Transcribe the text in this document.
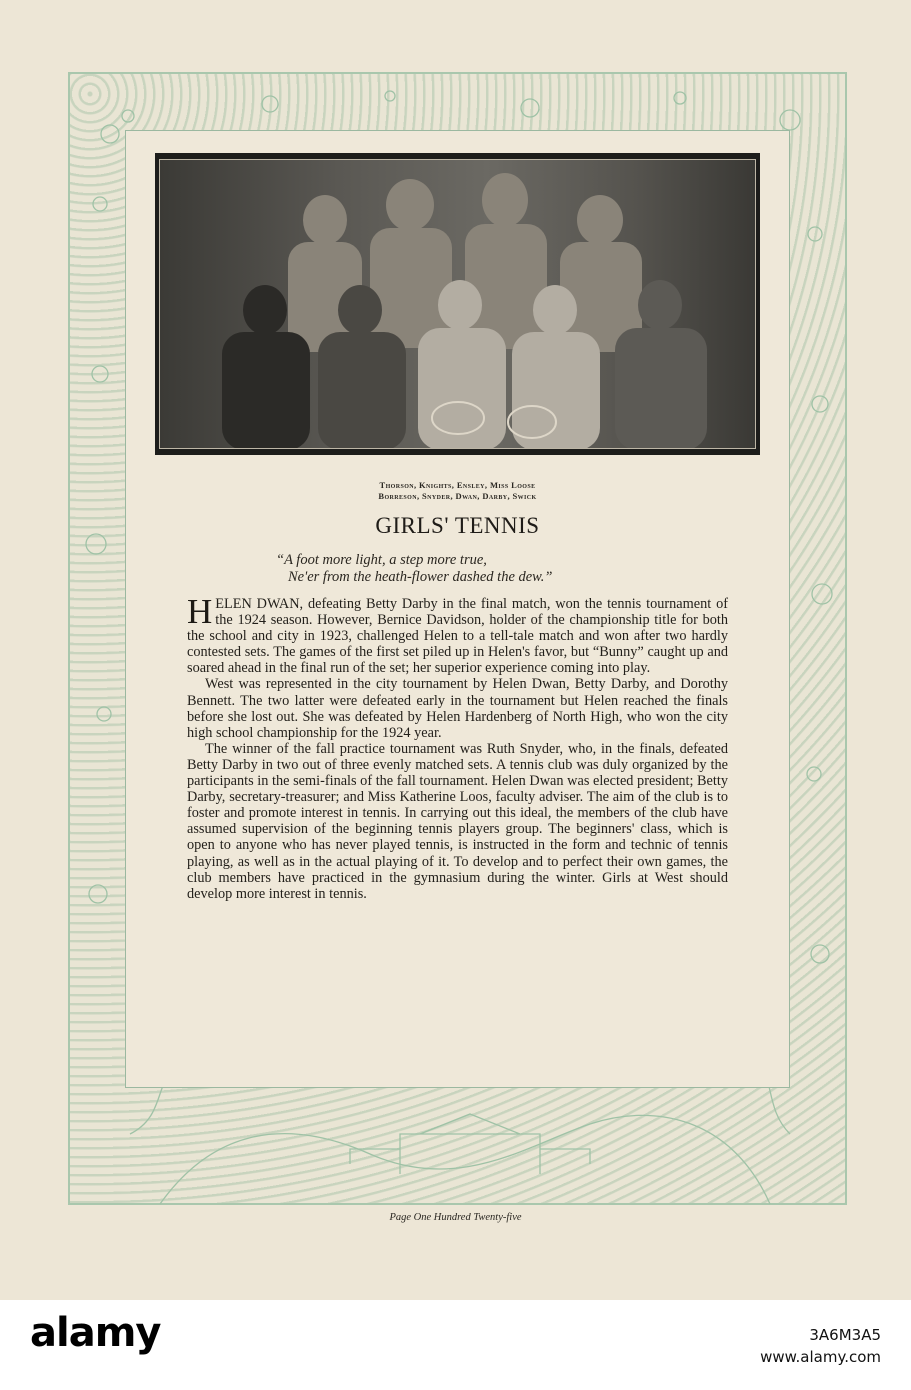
Thorson, Knights, Ensley, Miss Loose
Borreson, Snyder, Dwan, Darby, Swick
GIRLS' TENNIS
“A foot more light, a step more true,
Ne'er from the heath-flower dashed the dew.”

HELEN DWAN, defeating Betty Darby in the final match, won the tennis tournament of the 1924 season. However, Bernice Davidson, holder of the championship title for both the school and city in 1923, challenged Helen to a tell-tale match and won after two hardly contested sets. The games of the first set piled up in Helen's favor, but “Bunny” caught up and soared ahead in the final run of the set; her superior experience coming into play.

West was represented in the city tournament by Helen Dwan, Betty Darby, and Dorothy Bennett. The two latter were defeated early in the tournament but Helen reached the finals before she lost out. She was defeated by Helen Hardenberg of North High, who won the city high school championship for the 1924 year.

The winner of the fall practice tournament was Ruth Snyder, who, in the finals, defeated Betty Darby in two out of three evenly matched sets. A tennis club was duly organized by the participants in the semi-finals of the fall tournament. Helen Dwan was elected president; Betty Darby, secretary-treasurer; and Miss Katherine Loos, faculty adviser. The aim of the club is to foster and promote interest in tennis. In carrying out this ideal, the members of the club have assumed supervision of the beginning tennis players group. The beginners' class, which is open to anyone who has never played tennis, is instructed in the form and technic of tennis playing, as well as in the actual playing of it. To develop and to perfect their own games, the club members have practiced in the gymnasium during the winter. Girls at West should develop more interest in tennis.

Page One Hundred Twenty-five
alamy	3A6M3A5
www.alamy.com
